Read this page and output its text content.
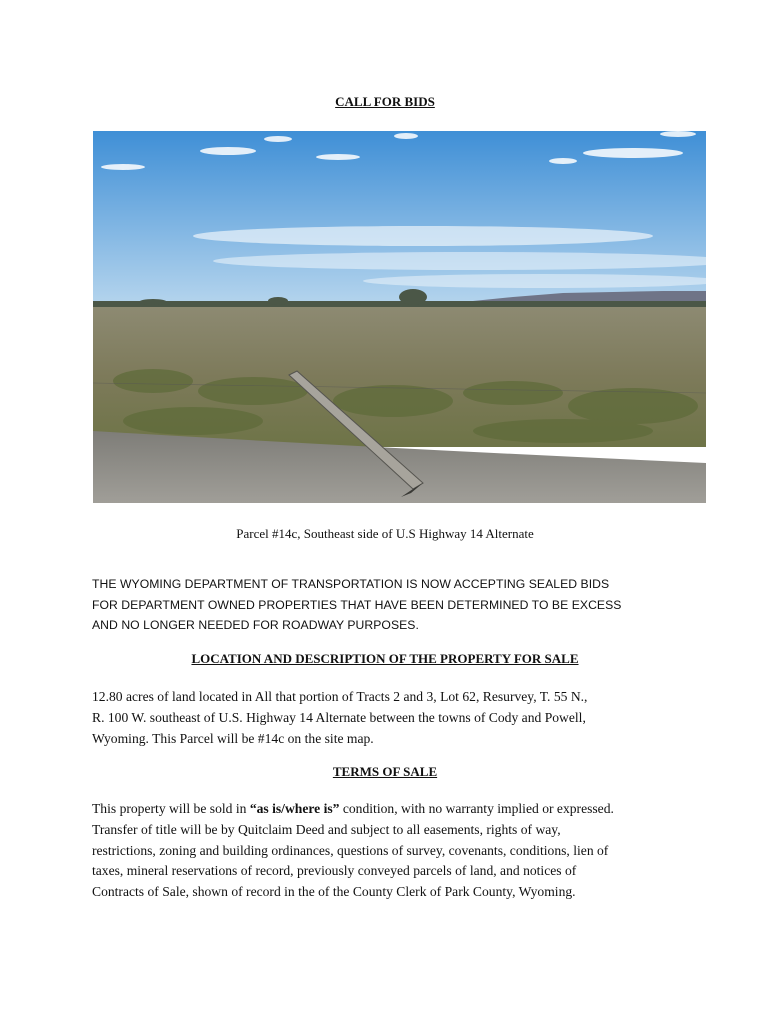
CALL FOR BIDS
Parcel #14c, Southeast side of U.S Highway 14 Alternate
THE WYOMING DEPARTMENT OF TRANSPORTATION IS NOW ACCEPTING SEALED BIDS
FOR DEPARTMENT OWNED PROPERTIES THAT HAVE BEEN DETERMINED TO BE EXCESS
AND NO LONGER NEEDED FOR ROADWAY PURPOSES.
LOCATION AND DESCRIPTION OF THE PROPERTY FOR SALE
12.80 acres of land located in All that portion of Tracts 2 and 3, Lot 62, Resurvey, T. 55 N.,
R. 100 W. southeast of U.S. Highway 14 Alternate between the towns of Cody and Powell,
Wyoming. This Parcel will be #14c on the site map.
TERMS OF SALE
This property will be sold in “as is/where is” condition, with no warranty implied or expressed.
Transfer of title will be by Quitclaim Deed and subject to all easements, rights of way,
restrictions, zoning and building ordinances, questions of survey, covenants, conditions, lien of
taxes, mineral reservations of record, previously conveyed parcels of land, and notices of
Contracts of Sale, shown of record in the of the County Clerk of Park County, Wyoming.
